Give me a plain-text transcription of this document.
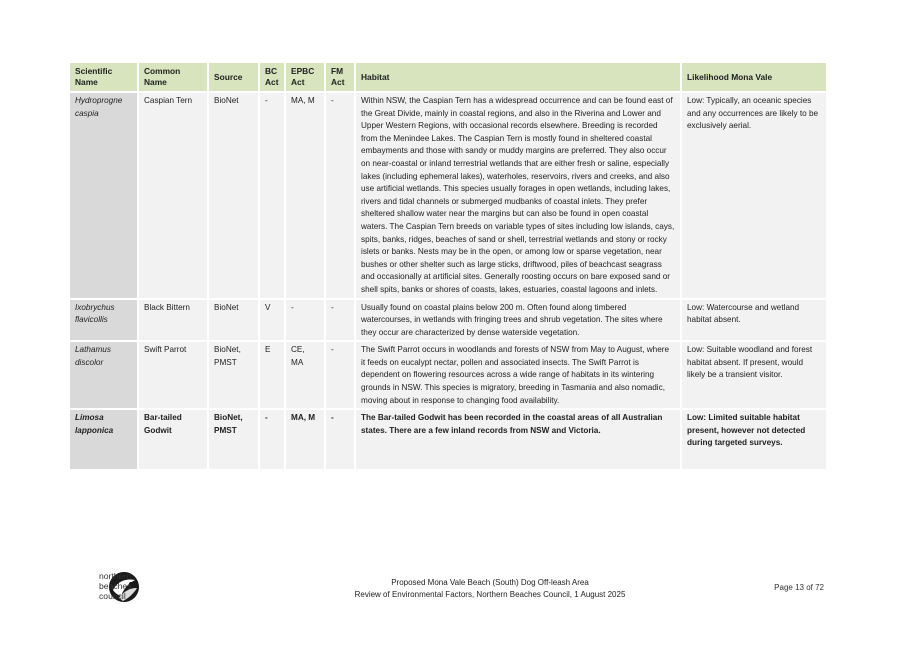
Scientific Name	Common Name	Source	BC Act	EPBC Act	FM Act	Habitat	Likelihood Mona Vale
Hydroprogne caspia	Caspian Tern	BioNet	-	MA, M	-	Within NSW, the Caspian Tern has a widespread occurrence and can be found east of the Great Divide, mainly in coastal regions, and also in the Riverina and Lower and Upper Western Regions, with occasional records elsewhere. Breeding is recorded from the Menindee Lakes. The Caspian Tern is mostly found in sheltered coastal embayments and those with sandy or muddy margins are preferred. They also occur on near-coastal or inland terrestrial wetlands that are either fresh or saline, especially lakes (including ephemeral lakes), waterholes, reservoirs, rivers and creeks, and also use artificial wetlands. This species usually forages in open wetlands, including lakes, rivers and tidal channels or submerged mudbanks of coastal inlets. They prefer sheltered shallow water near the margins but can also be found in open coastal waters. The Caspian Tern breeds on variable types of sites including low islands, cays, spits, banks, ridges, beaches of sand or shell, terrestrial wetlands and stony or rocky islets or banks. Nests may be in the open, or among low or sparse vegetation, near bushes or other shelter such as large sticks, driftwood, piles of beachcast seagrass and occasionally at artificial sites. Generally roosting occurs on bare exposed sand or shell spits, banks or shores of coasts, lakes, estuaries, coastal lagoons and inlets.	Low: Typically, an oceanic species and any occurrences are likely to be exclusively aerial.
Ixobrychus flavicollis	Black Bittern	BioNet	V	-	-	Usually found on coastal plains below 200 m. Often found along timbered watercourses, in wetlands with fringing trees and shrub vegetation. The sites where they occur are characterized by dense waterside vegetation.	Low: Watercourse and wetland habitat absent.
Lathamus discolor	Swift Parrot	BioNet, PMST	E	CE, MA	-	The Swift Parrot occurs in woodlands and forests of NSW from May to August, where it feeds on eucalypt nectar, pollen and associated insects. The Swift Parrot is dependent on flowering resources across a wide range of habitats in its wintering grounds in NSW. This species is migratory, breeding in Tasmania and also nomadic, moving about in response to changing food availability.	Low: Suitable woodland and forest habitat absent. If present, would likely be a transient visitor.
Limosa lapponica	Bar-tailed Godwit	BioNet, PMST	-	MA, M	-	The Bar-tailed Godwit has been recorded in the coastal areas of all Australian states. There are a few inland records from NSW and Victoria.	Low: Limited suitable habitat present, however not detected during targeted surveys.
northern
beaches
council
Proposed Mona Vale Beach (South) Dog Off-leash Area
Review of Environmental Factors, Northern Beaches Council, 1 August 2025
Page 13 of 72
